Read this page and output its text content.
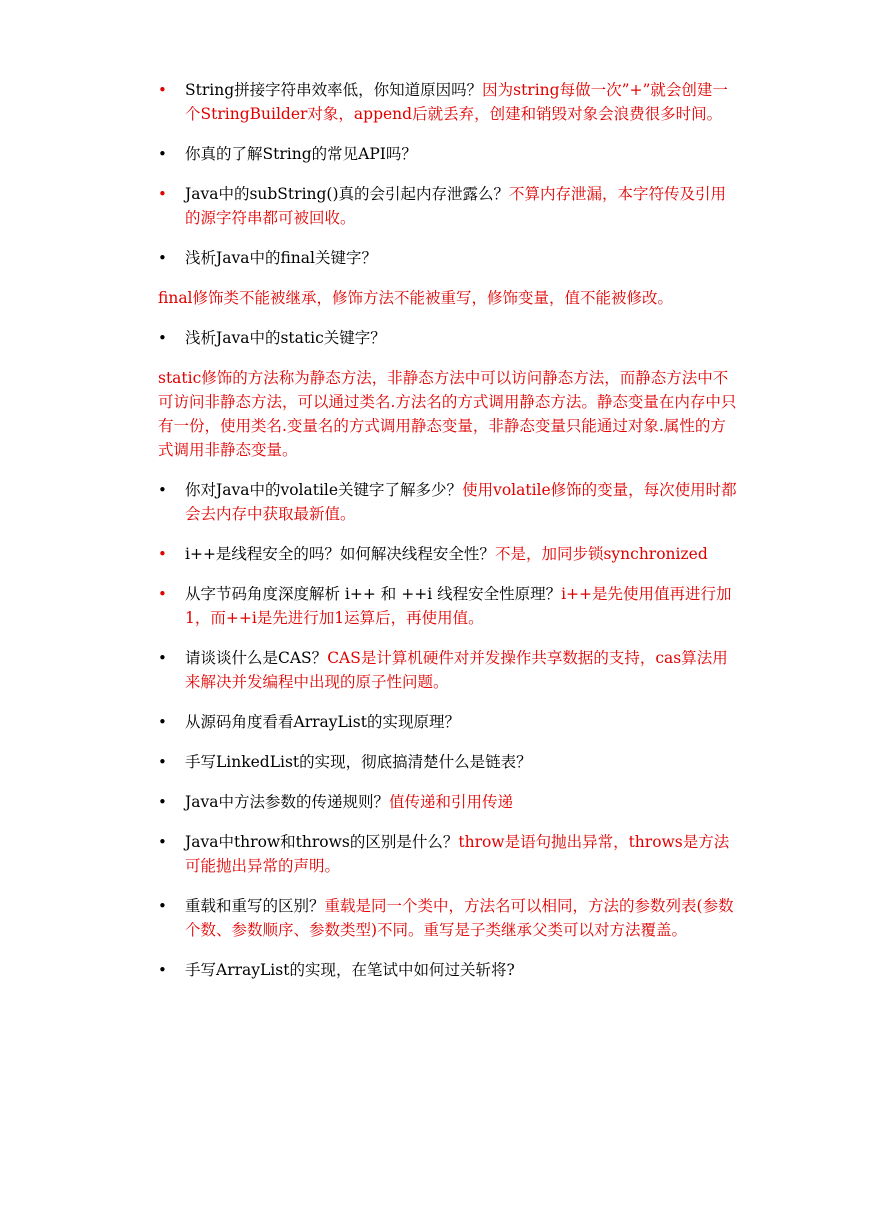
• String拼接字符串效率低，你知道原因吗？因为string每做一次”+”就会创建一个StringBuilder对象，append后就丢弃，创建和销毁对象会浪费很多时间。
• 你真的了解String的常见API吗？
• Java中的subString()真的会引起内存泄露么？不算内存泄漏，本字符传及引用的源字符串都可被回收。
• 浅析Java中的final关键字？
final修饰类不能被继承，修饰方法不能被重写，修饰变量，值不能被修改。
• 浅析Java中的static关键字？
static修饰的方法称为静态方法，非静态方法中可以访问静态方法，而静态方法中不可访问非静态方法，可以通过类名.方法名的方式调用静态方法。静态变量在内存中只有一份，使用类名.变量名的方式调用静态变量，非静态变量只能通过对象.属性的方式调用非静态变量。
• 你对Java中的volatile关键字了解多少？使用volatile修饰的变量，每次使用时都会去内存中获取最新值。
• i++是线程安全的吗？如何解决线程安全性？不是，加同步锁synchronized
• 从字节码角度深度解析 i++ 和 ++i 线程安全性原理？i++是先使用值再进行加1，而++i是先进行加1运算后，再使用值。
• 请谈谈什么是CAS？CAS是计算机硬件对并发操作共享数据的支持，cas算法用来解决并发编程中出现的原子性问题。
• 从源码角度看看ArrayList的实现原理？
• 手写LinkedList的实现，彻底搞清楚什么是链表？
• Java中方法参数的传递规则？值传递和引用传递
• Java中throw和throws的区别是什么？throw是语句抛出异常，throws是方法可能抛出异常的声明。
• 重载和重写的区别？重载是同一个类中，方法名可以相同，方法的参数列表(参数个数、参数顺序、参数类型)不同。重写是子类继承父类可以对方法覆盖。
• 手写ArrayList的实现，在笔试中如何过关斩将?
